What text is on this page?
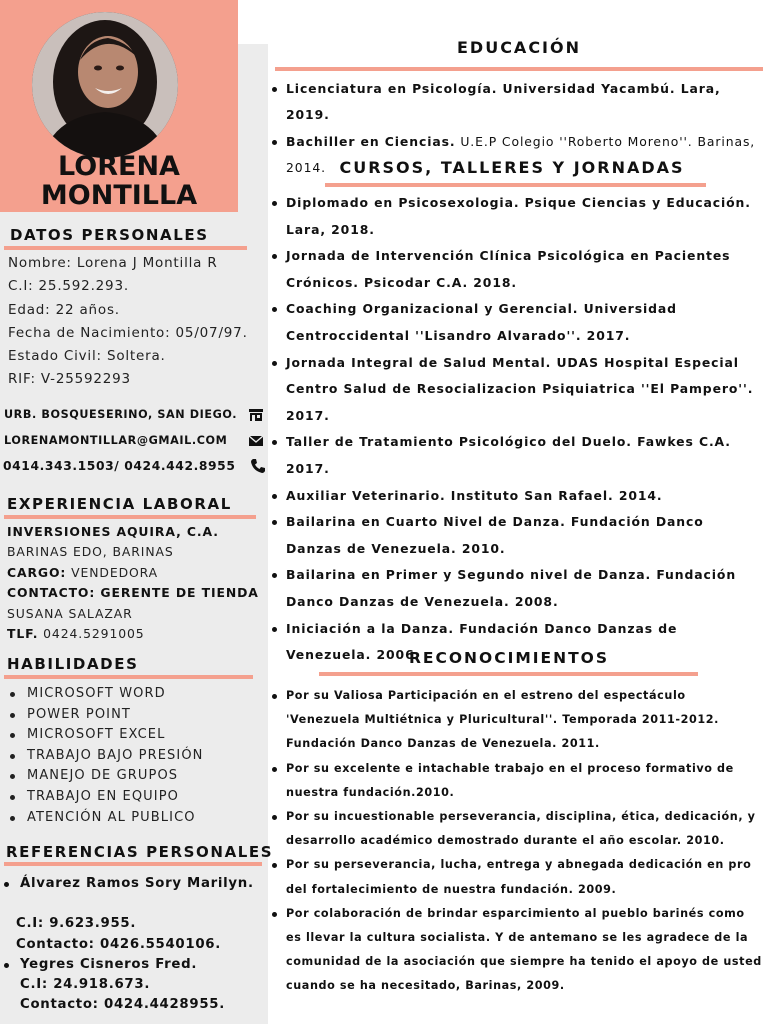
LORENA
MONTILLA
DATOS PERSONALES
Nombre: Lorena J Montilla R
C.I: 25.592.293.
Edad: 22 años.
Fecha de Nacimiento: 05/07/97.
Estado Civil: Soltera.
RIF: V-25592293
URB. BOSQUESERINO, SAN DIEGO.
LORENAMONTILLAR@GMAIL.COM
0414.343.1503/ 0424.442.8955
EXPERIENCIA LABORAL
INVERSIONES AQUIRA, C.A.
BARINAS EDO, BARINAS
CARGO: VENDEDORA
CONTACTO: GERENTE DE TIENDA
SUSANA SALAZAR
TLF. 0424.5291005
HABILIDADES
MICROSOFT WORD
POWER POINT
MICROSOFT EXCEL
TRABAJO BAJO PRESIÓN
MANEJO DE GRUPOS
TRABAJO EN EQUIPO
ATENCIÓN AL PUBLICO
REFERENCIAS PERSONALES
Álvarez Ramos Sory Marilyn.
C.I: 9.623.955.
Contacto: 0426.5540106.
Yegres Cisneros Fred.
C.I: 24.918.673.
Contacto: 0424.4428955.
EDUCACIÓN
Licenciatura en Psicología. Universidad Yacambú. Lara, 2019.
Bachiller en Ciencias. U.E.P Colegio ''Roberto Moreno''. Barinas, 2014. CURSOS, TALLERES Y JORNADAS
Diplomado en Psicosexologia. Psique Ciencias y Educación. Lara, 2018.
Jornada de Intervención Clínica Psicológica en Pacientes Crónicos. Psicodar C.A. 2018.
Coaching Organizacional y Gerencial. Universidad Centroccidental ''Lisandro Alvarado''. 2017.
Jornada Integral de Salud Mental. UDAS Hospital Especial Centro Salud de Resocializacion Psiquiatrica ''El Pampero''. 2017.
Taller de Tratamiento Psicológico del Duelo. Fawkes C.A. 2017.
Auxiliar Veterinario. Instituto San Rafael. 2014.
Bailarina en Cuarto Nivel de Danza. Fundación Danco Danzas de Venezuela. 2010.
Bailarina en Primer y Segundo nivel de Danza. Fundación Danco Danzas de Venezuela. 2008.
Iniciación a la Danza. Fundación Danco Danzas de Venezuela. 2006.
RECONOCIMIENTOS
Por su Valiosa Participación en el estreno del espectáculo 'Venezuela Multiétnica y Pluricultural''. Temporada 2011-2012. Fundación Danco Danzas de Venezuela. 2011.
Por su excelente e intachable trabajo en el proceso formativo de nuestra fundación.2010.
Por su incuestionable perseverancia, disciplina, ética, dedicación, y desarrollo académico demostrado durante el año escolar. 2010.
Por su perseverancia, lucha, entrega y abnegada dedicación en pro del fortalecimiento de nuestra fundación. 2009.
Por colaboración de brindar esparcimiento al pueblo barinés como es llevar la cultura socialista. Y de antemano se les agradece de la comunidad de la asociación que siempre ha tenido el apoyo de usted cuando se ha necesitado, Barinas, 2009.
